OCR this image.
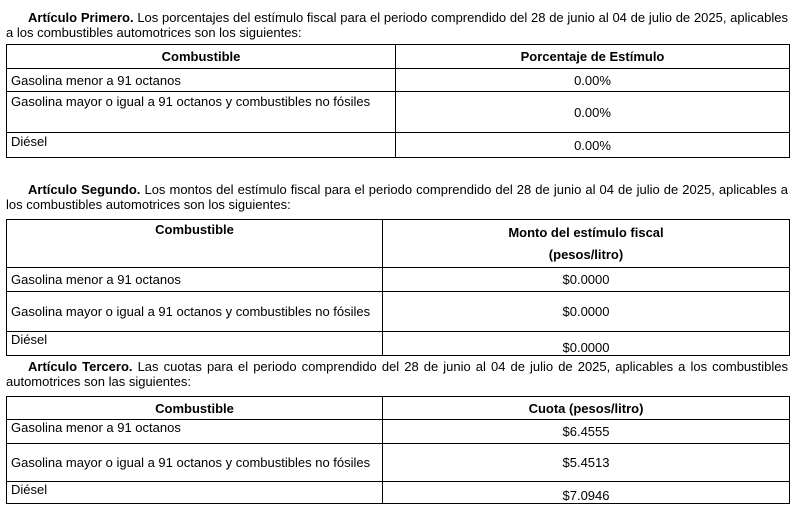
Artículo Primero. Los porcentajes del estímulo fiscal para el periodo comprendido del 28 de junio al 04 de julio de 2025, aplicables a los combustibles automotrices son los siguientes:
Combustible	Porcentaje de Estímulo
Gasolina menor a 91 octanos	0.00%
Gasolina mayor o igual a 91 octanos y combustibles no fósiles	0.00%
Diésel	0.00%
Artículo Segundo. Los montos del estímulo fiscal para el periodo comprendido del 28 de junio al 04 de julio de 2025, aplicables a los combustibles automotrices son los siguientes:
Combustible	Monto del estímulo fiscal
(pesos/litro)

Gasolina menor a 91 octanos	$0.0000
Gasolina mayor o igual a 91 octanos y combustibles no fósiles	$0.0000
Diésel	$0.0000
Artículo Tercero. Las cuotas para el periodo comprendido del 28 de junio al 04 de julio de 2025, aplicables a los combustibles automotrices son las siguientes:
Combustible	Cuota (pesos/litro)
Gasolina menor a 91 octanos	$6.4555
Gasolina mayor o igual a 91 octanos y combustibles no fósiles	$5.4513
Diésel	$7.0946
